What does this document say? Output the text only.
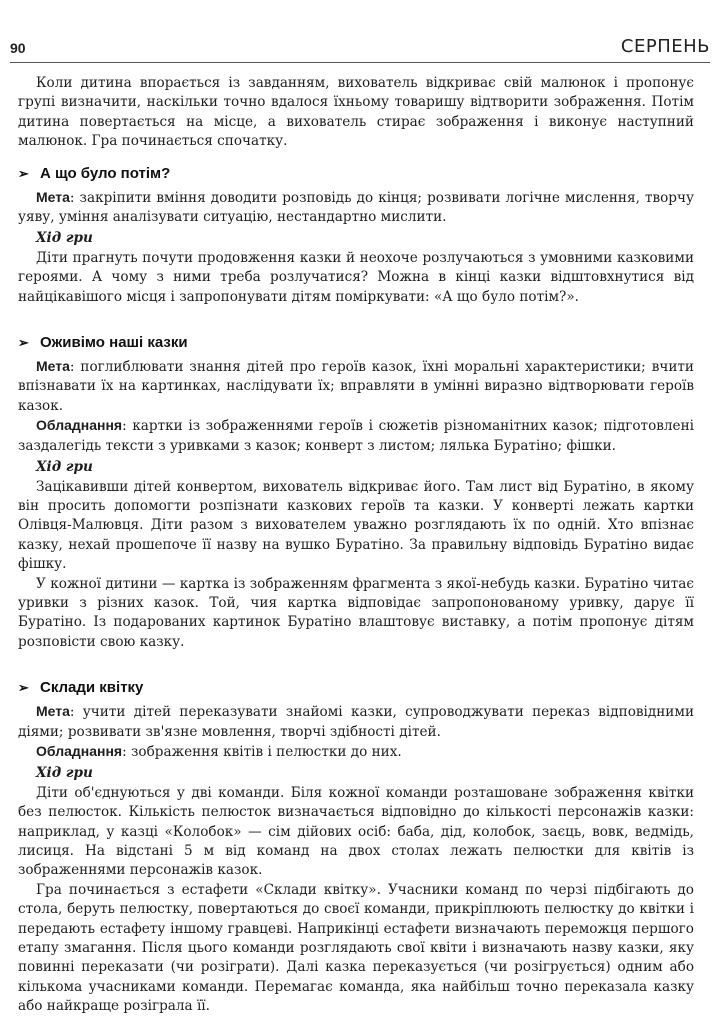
90	СЕРПЕНЬ

Коли дитина впорається із завданням, вихователь відкриває свій малюнок і пропонує групі визначити, наскільки точно вдалося їхньому товаришу відтворити зображення. Потім дитина повертається на місце, а вихователь стирає зображення і виконує наступний малюнок. Гра починається спочатку.

➢ А що було потім?

Мета: закріпити вміння доводити розповідь до кінця; розвивати логічне мислення, творчу уяву, уміння аналізувати ситуацію, нестандартно мислити.

Хід гри

Діти прагнуть почути продовження казки й неохоче розлучаються з умовними казковими героями. А чому з ними треба розлучатися? Можна в кінці казки відштовхнутися від найцікавішого місця і запропонувати дітям поміркувати: «А що було потім?».

➢ Оживімо наші казки

Мета: поглиблювати знання дітей про героїв казок, їхні моральні характеристики; вчити впізнавати їх на картинках, наслідувати їх; вправляти в умінні виразно відтворювати героїв казок.

Обладнання: картки із зображеннями героїв і сюжетів різноманітних казок; підготовлені заздалегідь тексти з уривками з казок; конверт з листом; лялька Буратіно; фішки.

Хід гри

Зацікавивши дітей конвертом, вихователь відкриває його. Там лист від Буратіно, в якому він просить допомогти розпізнати казкових героїв та казки. У конверті лежать картки Олівця-Малювця. Діти разом з вихователем уважно розглядають їх по одній. Хто впізнає казку, нехай прошепоче її назву на вушко Буратіно. За правильну відповідь Буратіно видає фішку.

У кожної дитини — картка із зображенням фрагмента з якої-небудь казки. Буратіно читає уривки з різних казок. Той, чия картка відповідає запропонованому уривку, дарує її Буратіно. Із подарованих картинок Буратіно влаштовує виставку, а потім пропонує дітям розповісти свою казку.

➢ Склади квітку

Мета: учити дітей переказувати знайомі казки, супроводжувати переказ відповідними діями; розвивати зв'язне мовлення, творчі здібності дітей.

Обладнання: зображення квітів і пелюстки до них.

Хід гри

Діти об'єднуються у дві команди. Біля кожної команди розташоване зображення квітки без пелюсток. Кількість пелюсток визначається відповідно до кількості персонажів казки: наприклад, у казці «Колобок» — сім дійових осіб: баба, дід, колобок, заєць, вовк, ведмідь, лисиця. На відстані 5 м від команд на двох столах лежать пелюстки для квітів із зображеннями персонажів казок.

Гра починається з естафети «Склади квітку». Учасники команд по черзі підбігають до стола, беруть пелюстку, повертаються до своєї команди, прикріплюють пелюстку до квітки і передають естафету іншому гравцеві. Наприкінці естафети визначають переможця першого етапу змагання. Після цього команди розглядають свої квіти і визначають назву казки, яку повинні переказати (чи розіграти). Далі казка переказується (чи розігрується) одним або кількома учасниками команди. Перемагає команда, яка найбільш точно переказала казку або найкраще розіграла її.
